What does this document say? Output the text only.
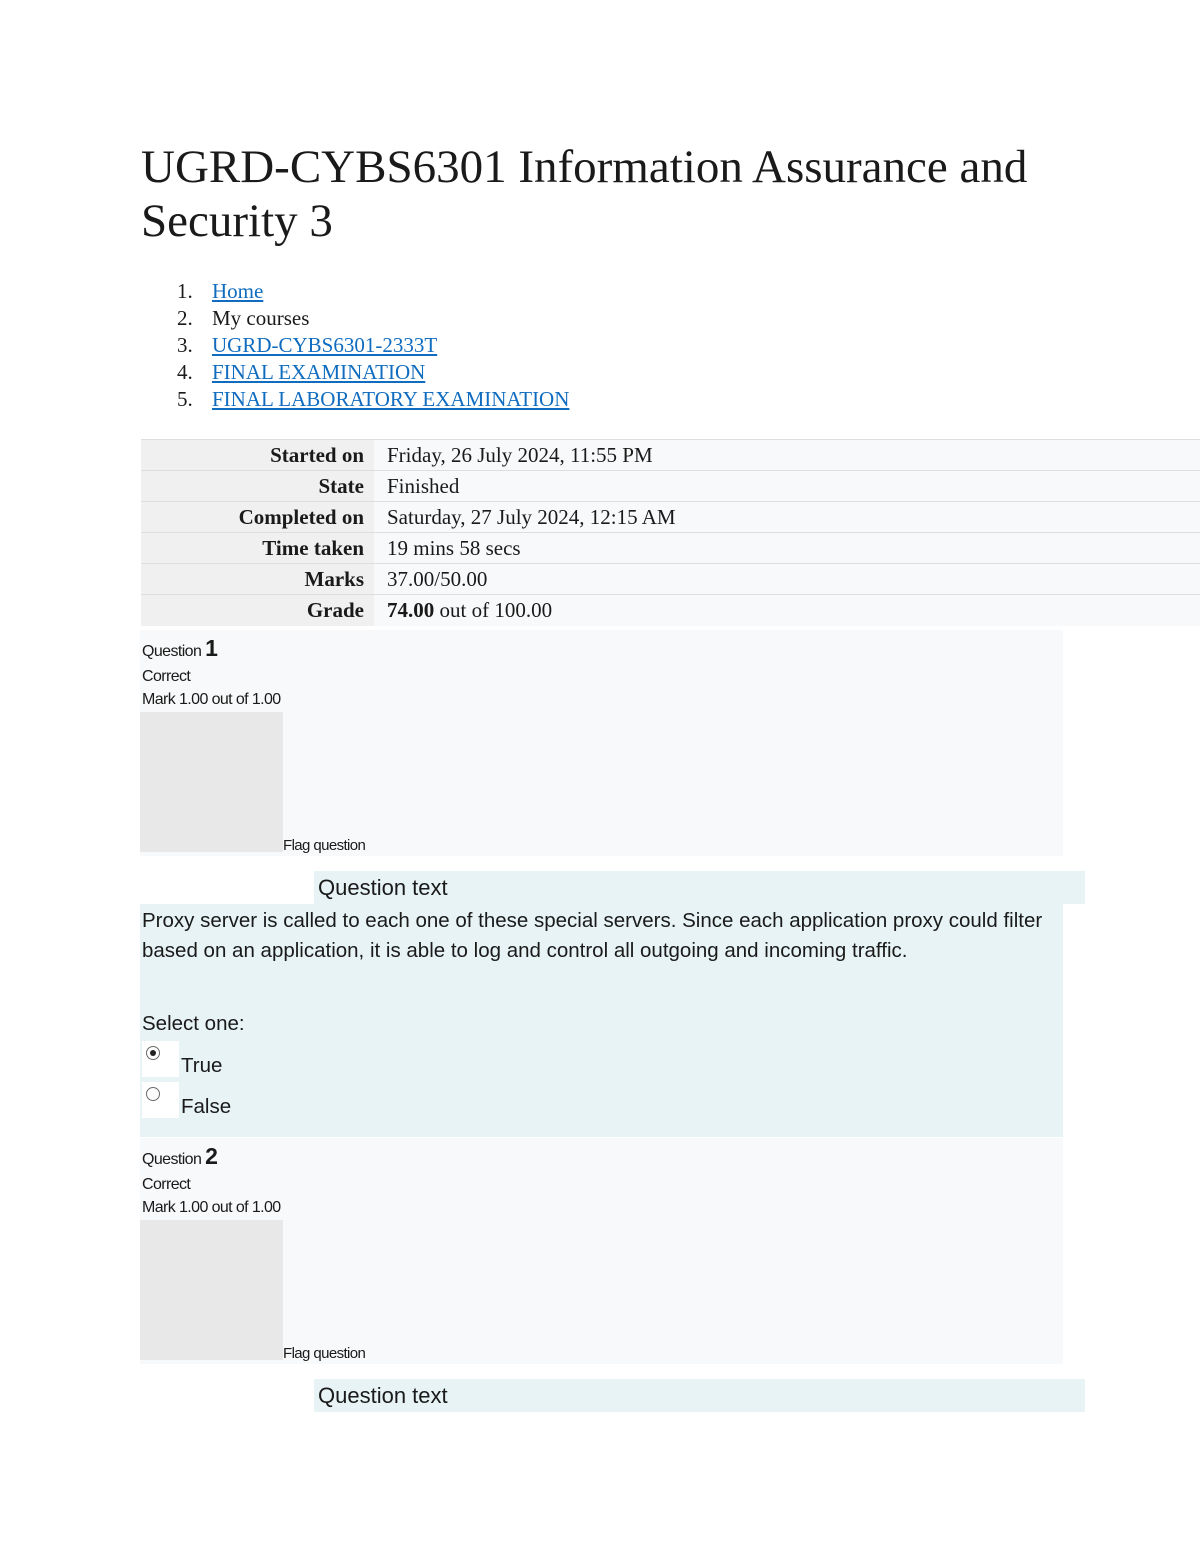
UGRD-CYBS6301 Information Assurance and Security 3
1. Home
2. My courses
3. UGRD-CYBS6301-2333T
4. FINAL EXAMINATION
5. FINAL LABORATORY EXAMINATION
Started on	Friday, 26 July 2024, 11:55 PM
State	Finished
Completed on	Saturday, 27 July 2024, 12:15 AM
Time taken	19 mins 58 secs
Marks	37.00/50.00
Grade	74.00 out of 100.00
Question 1
Correct
Mark 1.00 out of 1.00
Flag question
Question text
Proxy server is called to each one of these special servers. Since each application proxy could filter based on an application, it is able to log and control all outgoing and incoming traffic.
Select one:
True
False
Question 2
Correct
Mark 1.00 out of 1.00
Flag question
Question text
